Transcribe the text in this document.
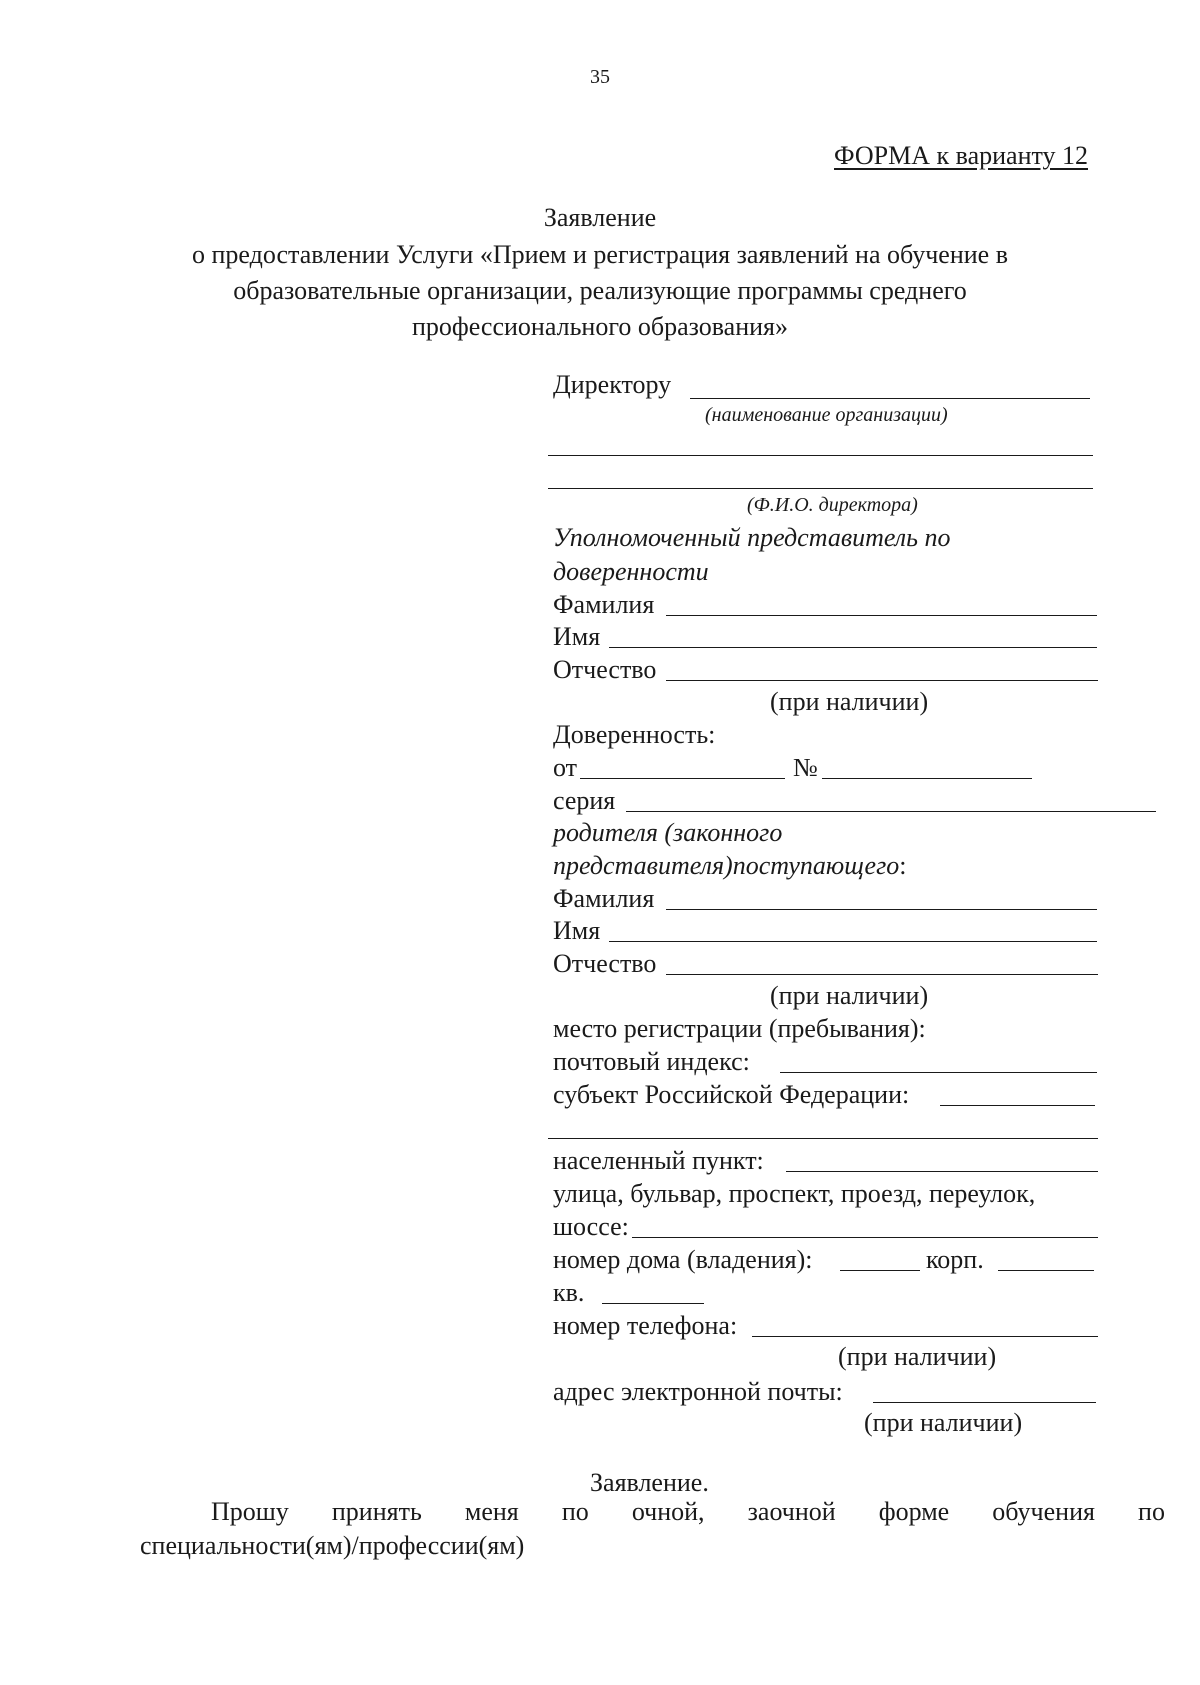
35
ФОРМА к варианту 12
Заявление
о предоставлении Услуги «Прием и регистрация заявлений на обучение в
образовательные организации, реализующие программы среднего
профессионального образования»
Директору
(наименование организации)
(Ф.И.О. директора)
Уполномоченный представитель по
доверенности
Фамилия
Имя
Отчество
(при наличии)
Доверенность:
от	№
серия
родителя (законного
представителя)поступающего:
Фамилия
Имя
Отчество
(при наличии)
место регистрации (пребывания):
почтовый индекс:
субъект Российской Федерации:
населенный пункт:
улица, бульвар, проспект, проезд, переулок,
шоссе:
номер дома (владения):	корп.
кв.
номер телефона:
(при наличии)
адрес электронной почты:
(при наличии)
Заявление.
Прошу принять меня по очной, заочной форме обучения по
специальности(ям)/профессии(ям)
